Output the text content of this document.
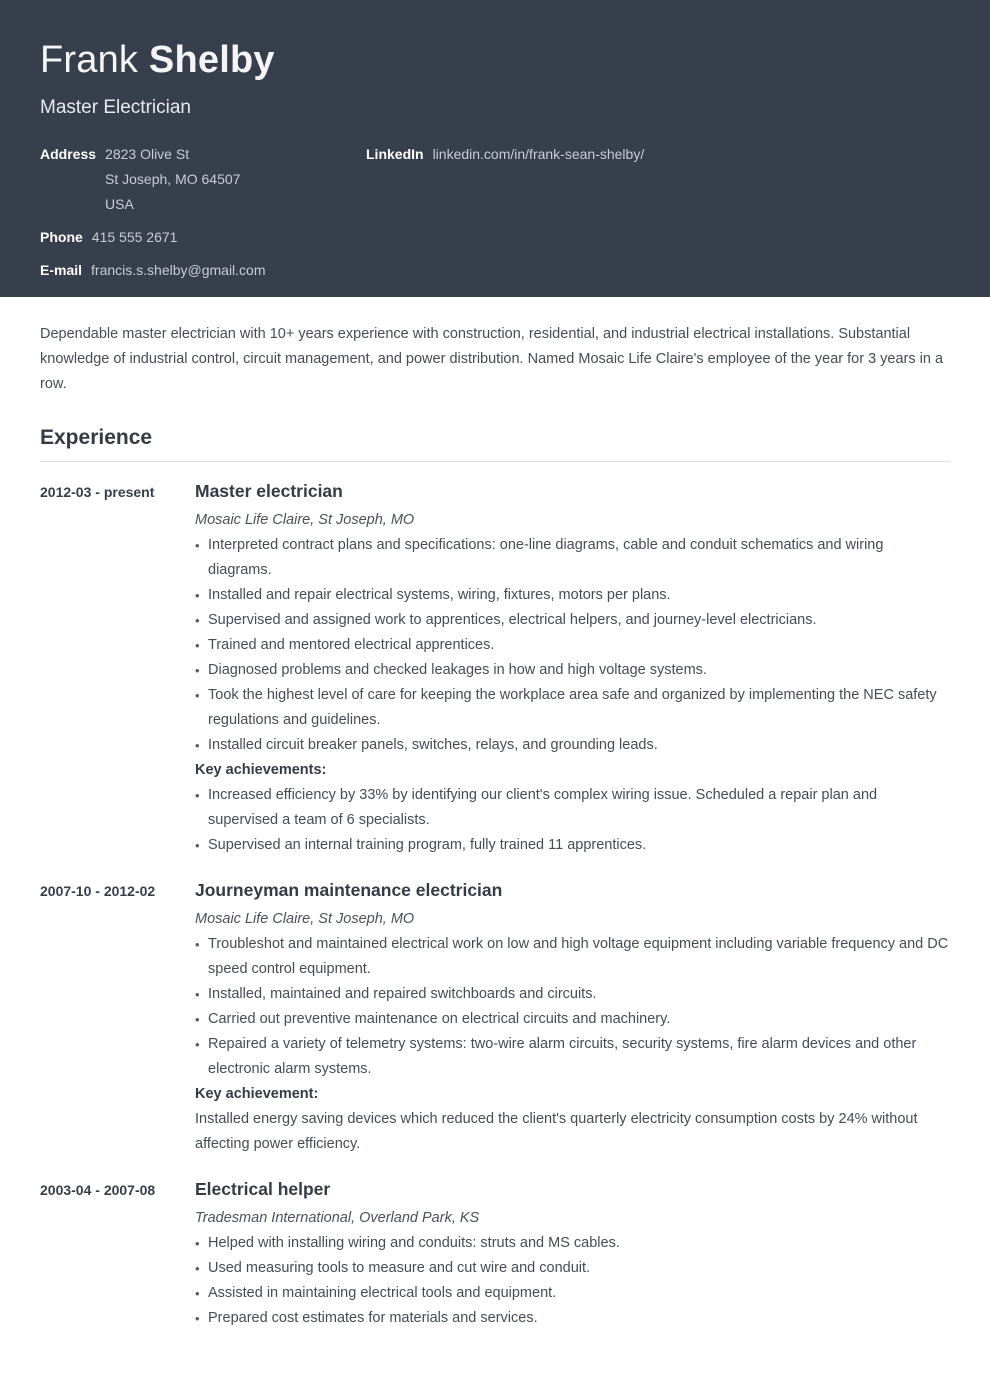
Frank Shelby
Master Electrician
Address 2823 Olive St
St Joseph, MO 64507
USA
Phone 415 555 2671
E-mail francis.s.shelby@gmail.com
LinkedIn linkedin.com/in/frank-sean-shelby/

Dependable master electrician with 10+ years experience with construction, residential, and industrial electrical installations. Substantial knowledge of industrial control, circuit management, and power distribution. Named Mosaic Life Claire's employee of the year for 3 years in a row.

Experience
2012-03 - present	Master electrician
Mosaic Life Claire, St Joseph, MO
• Interpreted contract plans and specifications: one-line diagrams, cable and conduit schematics and wiring diagrams.
• Installed and repair electrical systems, wiring, fixtures, motors per plans.
• Supervised and assigned work to apprentices, electrical helpers, and journey-level electricians.
• Trained and mentored electrical apprentices.
• Diagnosed problems and checked leakages in how and high voltage systems.
• Took the highest level of care for keeping the workplace area safe and organized by implementing the NEC safety regulations and guidelines.
• Installed circuit breaker panels, switches, relays, and grounding leads.
Key achievements:
• Increased efficiency by 33% by identifying our client's complex wiring issue. Scheduled a repair plan and supervised a team of 6 specialists.
• Supervised an internal training program, fully trained 11 apprentices.
2007-10 - 2012-02	Journeyman maintenance electrician
Mosaic Life Claire, St Joseph, MO
• Troubleshot and maintained electrical work on low and high voltage equipment including variable frequency and DC speed control equipment.
• Installed, maintained and repaired switchboards and circuits.
• Carried out preventive maintenance on electrical circuits and machinery.
• Repaired a variety of telemetry systems: two-wire alarm circuits, security systems, fire alarm devices and other electronic alarm systems.
Key achievement:

Installed energy saving devices which reduced the client's quarterly electricity consumption costs by 24% without affecting power efficiency.

2003-04 - 2007-08	Electrical helper
Tradesman International, Overland Park, KS
• Helped with installing wiring and conduits: struts and MS cables.
• Used measuring tools to measure and cut wire and conduit.
• Assisted in maintaining electrical tools and equipment.
• Prepared cost estimates for materials and services.
